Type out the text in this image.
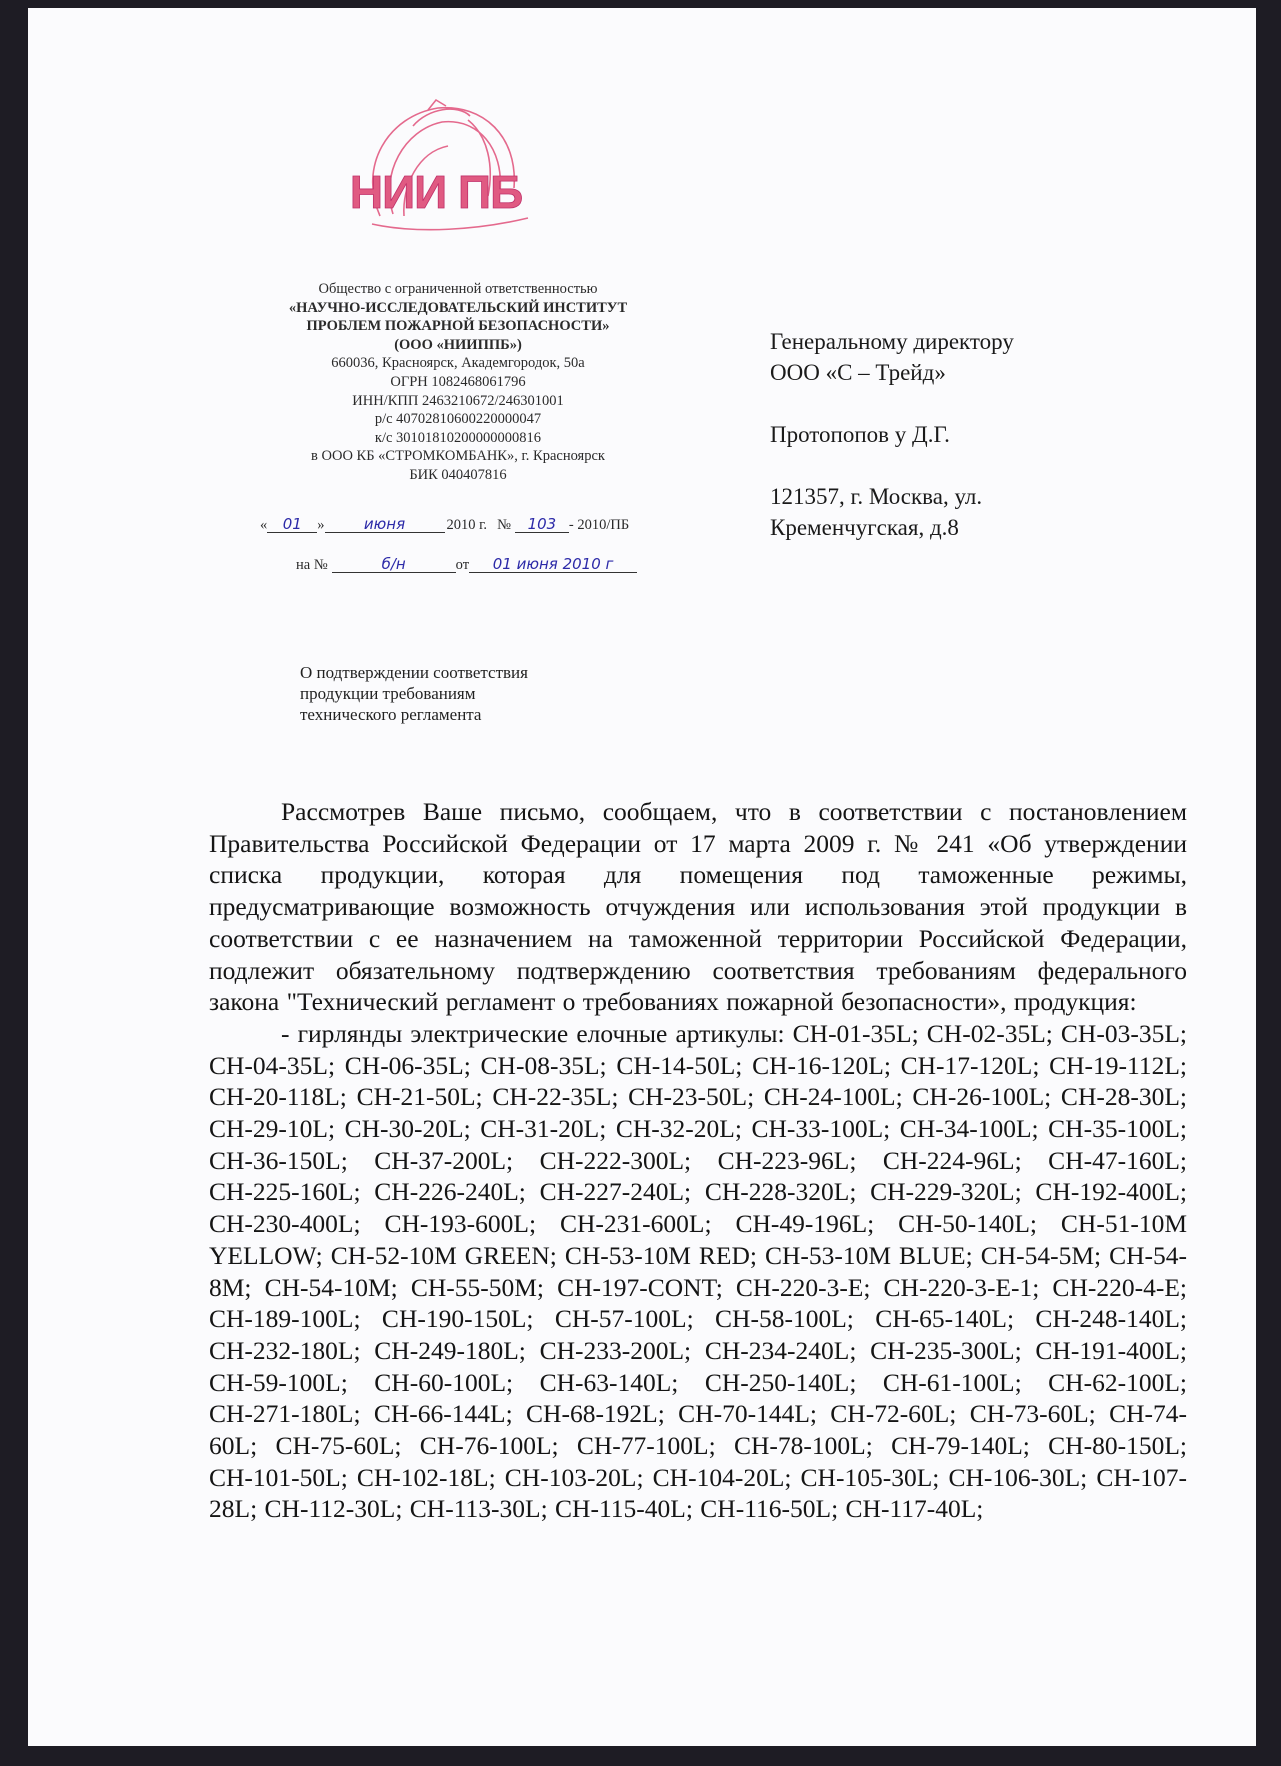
НИИ ПБ
Общество с ограниченной ответственностью
«НАУЧНО-ИССЛЕДОВАТЕЛЬСКИЙ ИНСТИТУТ
ПРОБЛЕМ ПОЖАРНОЙ БЕЗОПАСНОСТИ»
(ООО «НИИППБ»)
660036, Красноярск, Академгородок, 50а
ОГРН 1082468061796
ИНН/КПП 2463210672/246301001
р/с 40702810600220000047
к/с 30101810200000000816
в ООО КБ «СТРОМКОМБАНК», г. Красноярск
БИК 040407816
« 01 »	июня	2010 г. № 103 - 2010/ПБ
на №	б/н	от 01 июня 2010 г

Генеральному директору

ООО «С – Трейд»

Протопопов у Д.Г.

121357, г. Москва, ул.

Кременчугская, д.8

О подтверждении соответствия

продукции требованиям

технического регламента

Рассмотрев Ваше письмо, сообщаем, что в соответствии с постановлением Правительства Российской Федерации от 17 марта 2009 г. № 241 «Об утверждении списка продукции, которая для помещения под таможенные режимы, предусматривающие возможность отчуждения или использования этой продукции в соответствии с ее назначением на таможенной территории Российской Федерации, подлежит обязательному подтверждению соответствия требованиям федерального закона "Технический регламент о требованиях пожарной безопасности», продукция:

- гирлянды электрические елочные артикулы: СН-01-35L; СН-02-35L; СН-03-35L; СН-04-35L; СН-06-35L; СН-08-35L; СН-14-50L; СН-16-120L; СН-17-120L; СН-19-112L; СН-20-118L; СН-21-50L; СН-22-35L; СН-23-50L; СН-24-100L; СН-26-100L; СН-28-30L; СН-29-10L; СН-30-20L; СН-31-20L; СН-32-20L; СН-33-100L; СН-34-100L; СН-35-100L; СН-36-150L; СН-37-200L; СН-222-300L; СН-223-96L; СН-224-96L; СН-47-160L; СН-225-160L; СН-226-240L; СН-227-240L; СН-228-320L; СН-229-320L; СН-192-400L; СН-230-400L; СН-193-600L; СН-231-600L; СН-49-196L; СН-50-140L; СН-51-10М YELLOW; СН-52-10М GREEN; СН-53-10М RED; СН-53-10М BLUE; СН-54-5М; СН-54-8М; СН-54-10М; СН-55-50М; СН-197-CONT; СН-220-3-Е; СН-220-3-Е-1; СН-220-4-Е; СН-189-100L; СН-190-150L; СН-57-100L; СН-58-100L; СН-65-140L; СН-248-140L; СН-232-180L; СН-249-180L; СН-233-200L; СН-234-240L; СН-235-300L; СН-191-400L; СН-59-100L; СН-60-100L; СН-63-140L; СН-250-140L; СН-61-100L; СН-62-100L; СН-271-180L; СН-66-144L; СН-68-192L; СН-70-144L; СН-72-60L; СН-73-60L; СН-74-60L; СН-75-60L; СН-76-100L; СН-77-100L; СН-78-100L; СН-79-140L; СН-80-150L; СН-101-50L; СН-102-18L; СН-103-20L; СН-104-20L; СН-105-30L; СН-106-30L; СН-107-28L; СН-112-30L; СН-113-30L; СН-115-40L; СН-116-50L; СН-117-40L;
